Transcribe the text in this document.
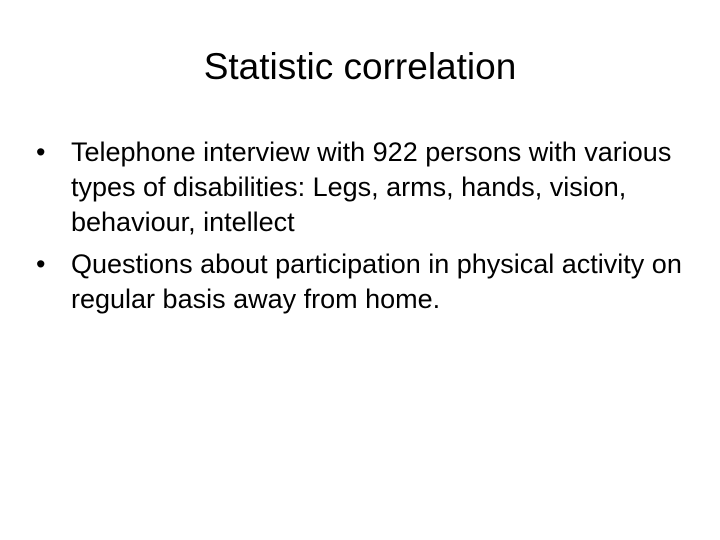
Statistic correlation
• Telephone interview with 922 persons with various types of disabilities: Legs, arms, hands, vision, behaviour, intellect
• Questions about participation in physical activity on regular basis away from home.
